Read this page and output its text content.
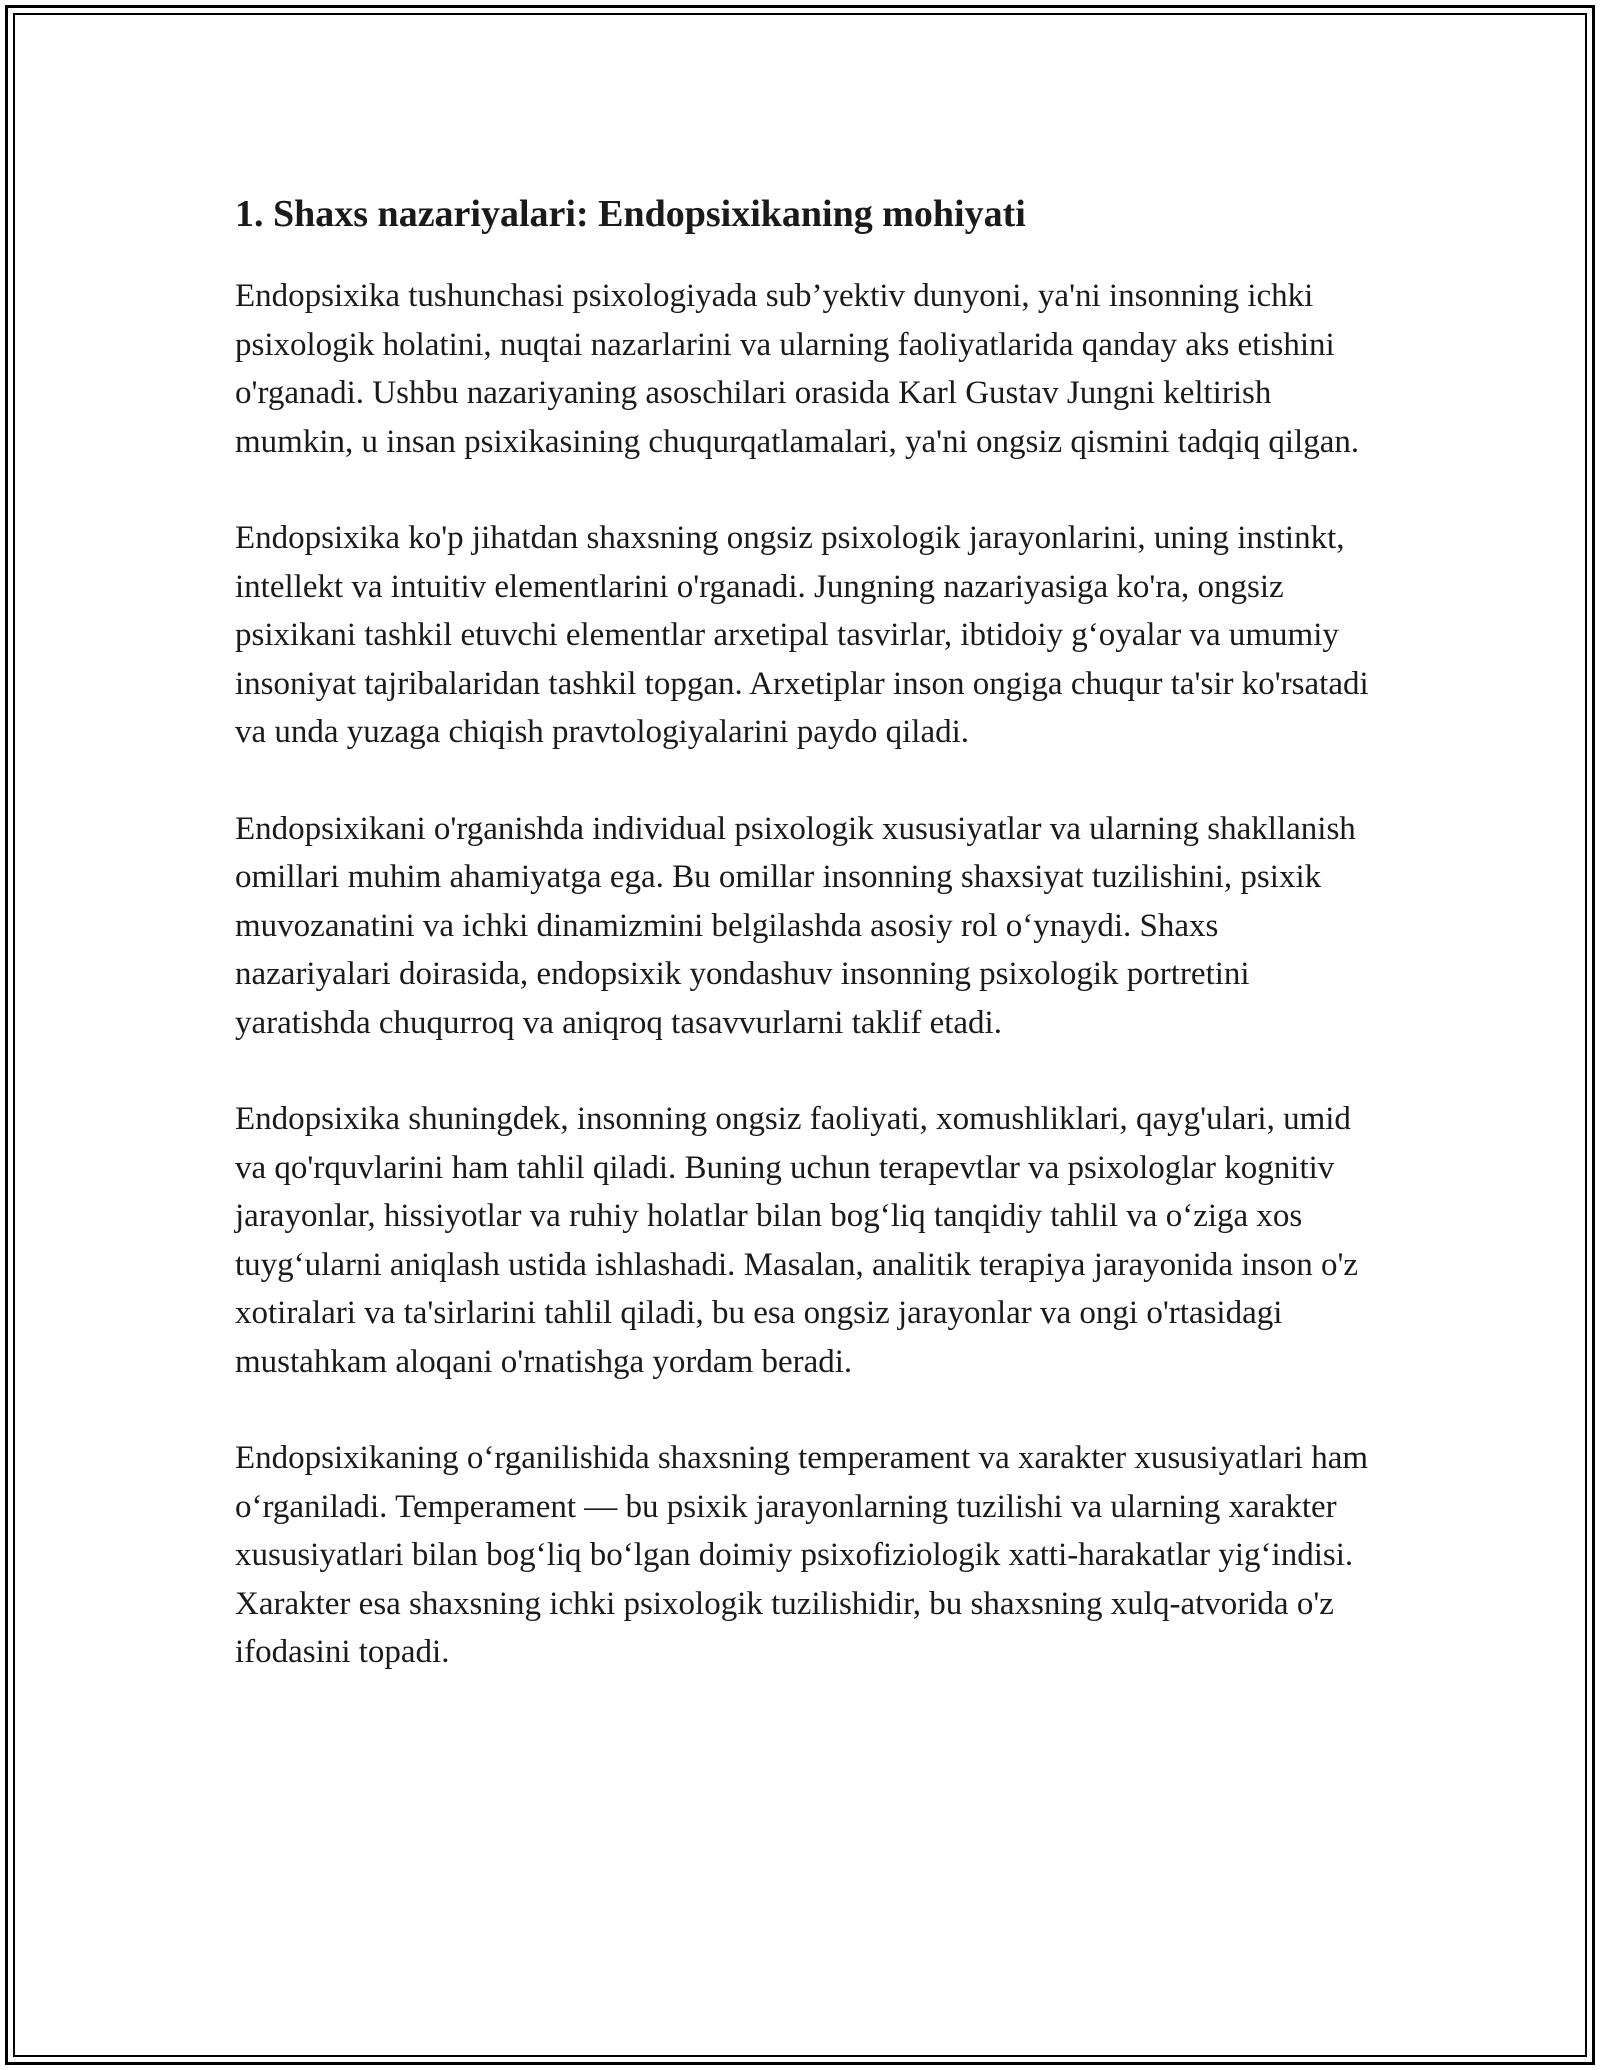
1. Shaxs nazariyalari: Endopsixikaning mohiyati

Endopsixika tushunchasi psixologiyada sub’yektiv dunyoni, ya'ni insonning ichki psixologik holatini, nuqtai nazarlarini va ularning faoliyatlarida qanday aks etishini o'rganadi. Ushbu nazariyaning asoschilari orasida Karl Gustav Jungni keltirish mumkin, u insan psixikasining chuqurqatlamalari, ya'ni ongsiz qismini tadqiq qilgan.

Endopsixika ko'p jihatdan shaxsning ongsiz psixologik jarayonlarini, uning instinkt, intellekt va intuitiv elementlarini o'rganadi. Jungning nazariyasiga ko'ra, ongsiz psixikani tashkil etuvchi elementlar arxetipal tasvirlar, ibtidoiy g‘oyalar va umumiy insoniyat tajribalaridan tashkil topgan. Arxetiplar inson ongiga chuqur ta'sir ko'rsatadi va unda yuzaga chiqish pravtologiyalarini paydo qiladi.

Endopsixikani o'rganishda individual psixologik xususiyatlar va ularning shakllanish omillari muhim ahamiyatga ega. Bu omillar insonning shaxsiyat tuzilishini, psixik muvozanatini va ichki dinamizmini belgilashda asosiy rol o‘ynaydi. Shaxs nazariyalari doirasida, endopsixik yondashuv insonning psixologik portretini yaratishda chuqurroq va aniqroq tasavvurlarni taklif etadi.

Endopsixika shuningdek, insonning ongsiz faoliyati, xomushliklari, qayg'ulari, umid va qo'rquvlarini ham tahlil qiladi. Buning uchun terapevtlar va psixologlar kognitiv jarayonlar, hissiyotlar va ruhiy holatlar bilan bog‘liq tanqidiy tahlil va o‘ziga xos tuyg‘ularni aniqlash ustida ishlashadi. Masalan, analitik terapiya jarayonida inson o'z xotiralari va ta'sirlarini tahlil qiladi, bu esa ongsiz jarayonlar va ongi o'rtasidagi mustahkam aloqani o'rnatishga yordam beradi.

Endopsixikaning o‘rganilishida shaxsning temperament va xarakter xususiyatlari ham o‘rganiladi. Temperament — bu psixik jarayonlarning tuzilishi va ularning xarakter xususiyatlari bilan bog‘liq bo‘lgan doimiy psixofiziologik xatti-harakatlar yig‘indisi. Xarakter esa shaxsning ichki psixologik tuzilishidir, bu shaxsning xulq-atvorida o'z ifodasini topadi.
